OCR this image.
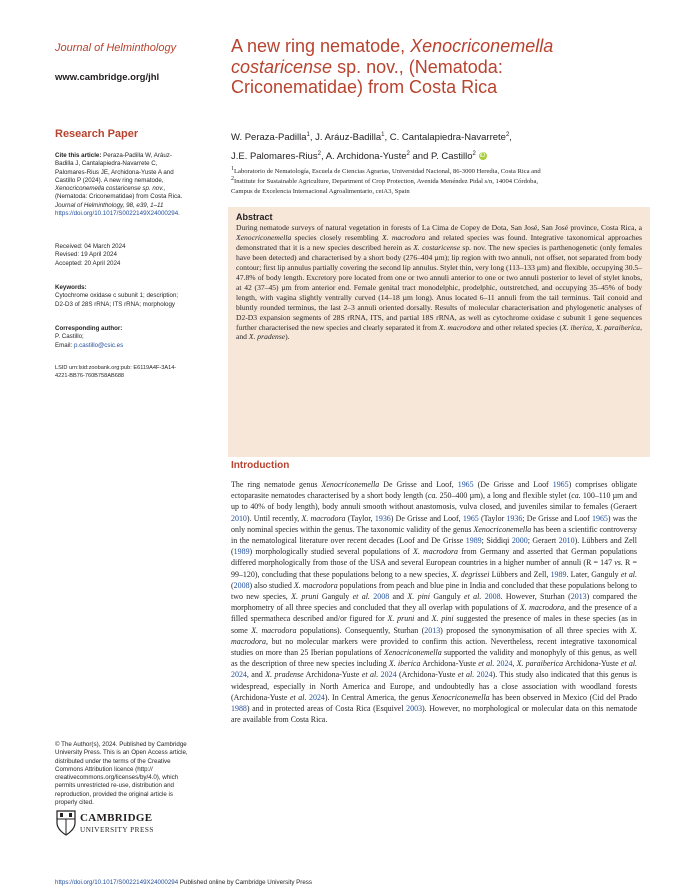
Journal of Helminthology
www.cambridge.org/jhl
Research Paper
Cite this article: Peraza-Padilla W, Aráuz-
Badilla J, Cantalapiedra-Navarrete C,
Palomares-Rius JE, Archidona-Yuste A and
Castillo P (2024). A new ring nematode,
Xenocriconemella costaricense sp. nov.,
(Nematoda: Criconematidae) from Costa Rica.
Journal of Helminthology, 98, e39, 1–11
https://doi.org/10.1017/S0022149X24000294.
Received: 04 March 2024
Revised: 19 April 2024
Accepted: 20 April 2024
Keywords:
Cytochrome oxidase c subunit 1; description;
D2-D3 of 28S rRNA; ITS rRNA; morphology
Corresponding author:
P. Castillo;
Email: p.castillo@csic.es
LSID urn:lsid:zoobank.org:pub: E6119A4F-3A14-
4221-BB76-760B758AB688
© The Author(s), 2024. Published by Cambridge
University Press. This is an Open Access article,
distributed under the terms of the Creative
Commons Attribution licence (http://
creativecommons.org/licenses/by/4.0), which
permits unrestricted re-use, distribution and
reproduction, provided the original article is
properly cited.
CAMBRIDGE
UNIVERSITY PRESS
https://doi.org/10.1017/S0022149X24000294 Published online by Cambridge University Press
A new ring nematode, Xenocriconemella
costaricense sp. nov., (Nematoda:
Criconematidae) from Costa Rica
W. Peraza-Padilla$^1$, J. Aráuz-Badilla$^1$, C. Cantalapiedra-Navarrete$^2$,
J.E. Palomares-Rius$^2$, A. Archidona-Yuste$^2$ and P. Castillo$^2$ iD
$^1$Laboratorio de Nematología, Escuela de Ciencias Agrarias, Universidad Nacional, 86-3000 Heredia, Costa Rica and
$^2$Institute for Sustainable Agriculture, Department of Crop Protection, Avenida Menéndez Pidal s/n, 14004 Córdoba,
Campus de Excelencia Internacional Agroalimentario, ceiA3, Spain
Abstract

During nematode surveys of natural vegetation in forests of La Cima de Copey de Dota, San José, San José province, Costa Rica, a Xenocriconemella species closely resembling X. macrodora and related species was found. Integrative taxonomical approaches demonstrated that it is a new species described herein as X. costaricense sp. nov. The new species is parthenogenetic (only females have been detected) and characterised by a short body (276–404 µm); lip region with two annuli, not offset, not separated from body contour; first lip annulus partially covering the second lip annulus. Stylet thin, very long (113–133 µm) and flexible, occupying 30.5–47.8% of body length. Excretory pore located from one or two annuli anterior to one or two annuli posterior to level of stylet knobs, at 42 (37–45) µm from anterior end. Female genital tract monodelphic, prodelphic, outstretched, and occupying 35–45% of body length, with vagina slightly ventrally curved (14–18 µm long). Anus located 6–11 annuli from the tail terminus. Tail conoid and bluntly rounded terminus, the last 2–3 annuli oriented dorsally. Results of molecular characterisation and phylogenetic analyses of D2-D3 expansion segments of 28S rRNA, ITS, and partial 18S rRNA, as well as cytochrome oxidase c subunit 1 gene sequences further characterised the new species and clearly separated it from X. macrodora and other related species (X. iberica, X. paraiberica, and X. pradense).

Introduction
The ring nematode genus Xenocriconemella De Grisse and Loof, 1965 (De Grisse and Loof 1965) comprises obligate ectoparasite nematodes characterised by a short body length (ca. 250–400 µm), a long and flexible stylet (ca. 100–110 µm and up to 40% of body length), body annuli smooth without anastomosis, vulva closed, and juveniles similar to females (Geraert 2010). Until recently, X. macrodora (Taylor, 1936) De Grisse and Loof, 1965 (Taylor 1936; De Grisse and Loof 1965) was the only nominal species within the genus. The taxonomic validity of the genus Xenocriconemella has been a scientific controversy in the nematological literature over recent decades (Loof and De Grisse 1989; Siddiqi 2000; Geraert 2010). Lübbers and Zell (1989) morphologically studied several populations of X. macrodora from Germany and asserted that German populations differed morphologically from those of the USA and several European countries in a higher number of annuli (R = 147 vs. R = 99–120), concluding that these populations belong to a new species, X. degrissei Lübbers and Zell, 1989. Later, Ganguly et al. (2008) also studied X. macrodora populations from peach and blue pine in India and concluded that these populations belong to two new species, X. pruni Ganguly et al. 2008 and X. pini Ganguly et al. 2008. However, Sturhan (2013) compared the morphometry of all three species and concluded that they all overlap with populations of X. macrodora, and the presence of a filled spermatheca described and/or figured for X. pruni and X. pini suggested the presence of males in these species (as in some X. macrodora populations). Consequently, Sturhan (2013) proposed the synonymisation of all three species with X. macrodora, but no molecular markers were provided to confirm this action. Nevertheless, recent integrative taxonomical studies on more than 25 Iberian populations of Xenocriconemella supported the validity and monophyly of this genus, as well as the description of three new species including X. iberica Archidona-Yuste et al. 2024, X. paraiberica Archidona-Yuste et al. 2024, and X. pradense Archidona-Yuste et al. 2024 (Archidona-Yuste et al. 2024). This study also indicated that this genus is widespread, especially in North America and Europe, and undoubtedly has a close association with woodland forests (Archidona-Yuste et al. 2024). In Central America, the genus Xenocriconemella has been observed in Mexico (Cid del Prado 1988) and in protected areas of Costa Rica (Esquivel 2003). However, no morphological or molecular data on this nematode are available from Costa Rica.
